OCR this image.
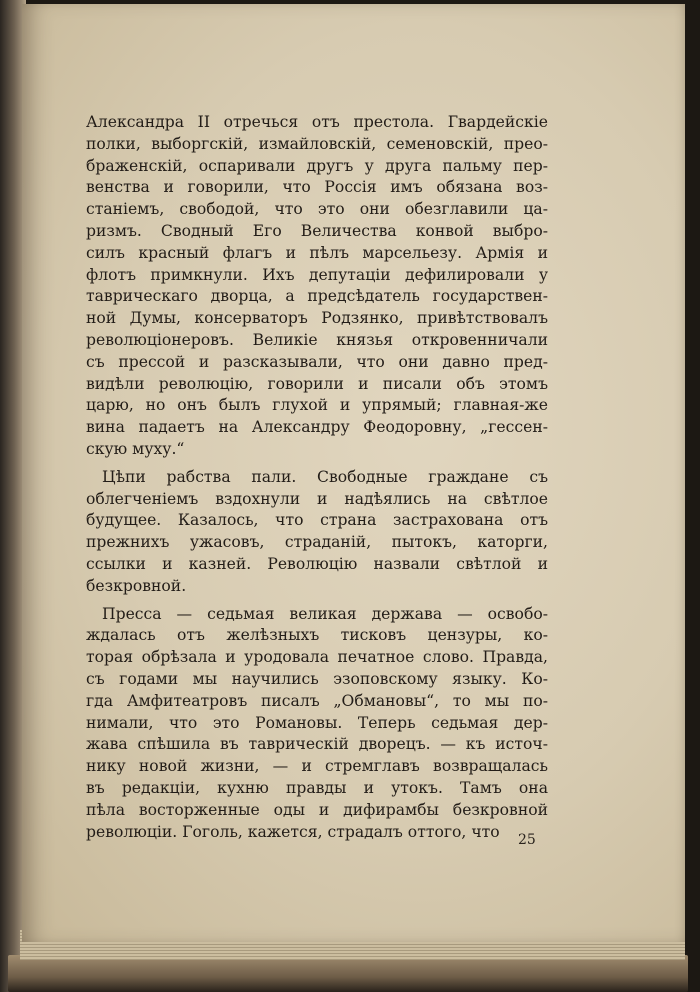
Александра II отречься отъ престола. Гвардейскіе
полки, выборгскій, измайловскій, семеновскій, прео-
браженскій, оспаривали другъ у друга пальму пер-
венства и говорили, что Россія имъ обязана воз-
станіемъ, свободой, что это они обезглавили ца-
ризмъ. Сводный Его Величества конвой выбро-
силъ красный флагъ и пѣлъ марсельезу. Армія и
флотъ примкнули. Ихъ депутаціи дефилировали у
таврическаго дворца, а предсѣдатель государствен-
ной Думы, консерваторъ Родзянко, привѣтствовалъ
революціонеровъ. Великіе князья откровенничали
съ прессой и разсказывали, что они давно пред-
видѣли революцію, говорили и писали объ этомъ
царю, но онъ былъ глухой и упрямый; главная-же
вина падаетъ на Александру Феодоровну, „гессен-
скую муху.“

Цѣпи рабства пали. Свободные граждане съ
облегченіемъ вздохнули и надѣялись на свѣтлое
будущее. Казалось, что страна застрахована отъ
прежнихъ ужасовъ, страданій, пытокъ, каторги,
ссылки и казней. Революцію назвали свѣтлой и
безкровной.

Пресса — седьмая великая держава — освобо-
ждалась отъ желѣзныхъ тисковъ цензуры, ко-
торая обрѣзала и уродовала печатное слово. Правда,
съ годами мы научились эзоповскому языку. Ко-
гда Амфитеатровъ писалъ „Обмановы“, то мы по-
нимали, что это Романовы. Теперь седьмая дер-
жава спѣшила въ таврическій дворецъ. — къ источ-
нику новой жизни, — и стремглавъ возвращалась
въ редакціи, кухню правды и утокъ. Тамъ она
пѣла восторженные оды и дифирамбы безкровной
революціи. Гоголь, кажется, страдалъ оттого, что	25
